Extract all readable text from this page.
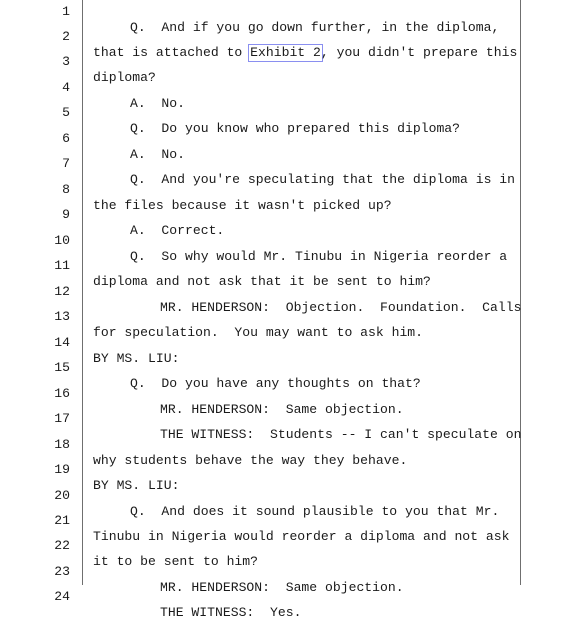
1

Q.  And if you go down further, in the diploma,

2

that is attached to Exhibit 2, you didn't prepare this

3

diploma?

4

A.  No.

5

Q.  Do you know who prepared this diploma?

6

A.  No.

7

Q.  And you're speculating that the diploma is in

8

the files because it wasn't picked up?

9

A.  Correct.

10

Q.  So why would Mr. Tinubu in Nigeria reorder a

11

diploma and not ask that it be sent to him?

12

MR. HENDERSON:  Objection.  Foundation.  Calls

13

for speculation.  You may want to ask him.

14

BY MS. LIU:

15

Q.  Do you have any thoughts on that?

16

MR. HENDERSON:  Same objection.

17

THE WITNESS:  Students -- I can't speculate on

18

why students behave the way they behave.

19

BY MS. LIU:

20

Q.  And does it sound plausible to you that Mr.

21

Tinubu in Nigeria would reorder a diploma and not ask

22

it to be sent to him?

23

MR. HENDERSON:  Same objection.

24

THE WITNESS:  Yes.
